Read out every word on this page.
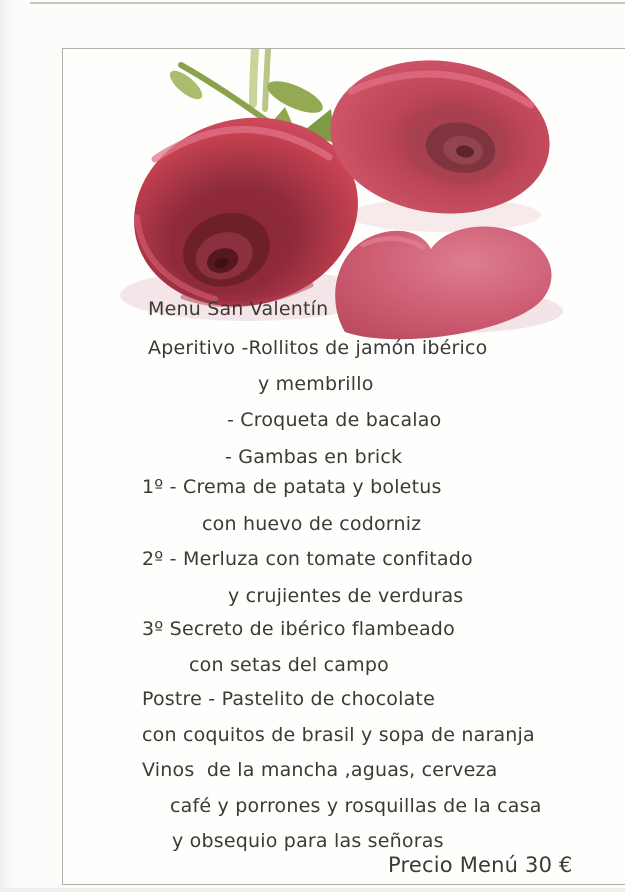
Menu San Valentín
Aperitivo -Rollitos de jamón ibérico
y membrillo
- Croqueta de bacalao
- Gambas en brick
1º - Crema de patata y boletus
con huevo de codorniz
2º - Merluza con tomate confitado
y crujientes de verduras
3º Secreto de ibérico flambeado
con setas del campo
Postre - Pastelito de chocolate
con coquitos de brasil y sopa de naranja
Vinos  de la mancha ,aguas, cerveza
café y porrones y rosquillas de la casa
y obsequio para las señoras
Precio Menú 30 €
